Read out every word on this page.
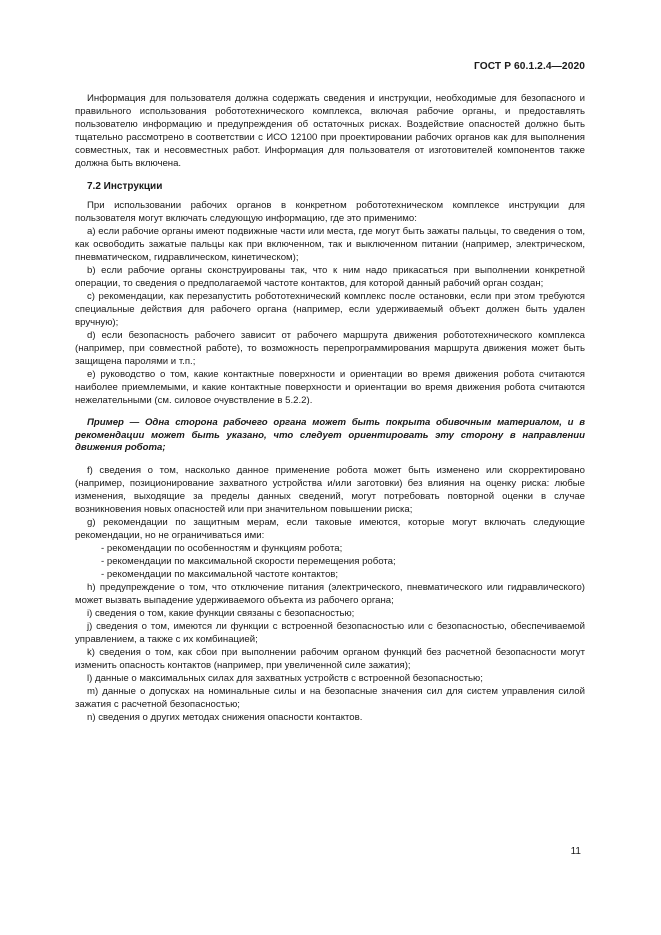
ГОСТ Р 60.1.2.4—2020

Информация для пользователя должна содержать сведения и инструкции, необходимые для безопасного и правильного использования робототехнического комплекса, включая рабочие органы, и предоставлять пользователю информацию и предупреждения об остаточных рисках. Воздействие опасностей должно быть тщательно рассмотрено в соответствии с ИСО 12100 при проектировании рабочих органов как для выполнения совместных, так и несовместных работ. Информация для пользователя от изготовителей компонентов также должна быть включена.

7.2 Инструкции

При использовании рабочих органов в конкретном робототехническом комплексе инструкции для пользователя могут включать следующую информацию, где это применимо:

а) если рабочие органы имеют подвижные части или места, где могут быть зажаты пальцы, то сведения о том, как освободить зажатые пальцы как при включенном, так и выключенном питании (например, электрическом, пневматическом, гидравлическом, кинетическом);

b) если рабочие органы сконструированы так, что к ним надо прикасаться при выполнении конкретной операции, то сведения о предполагаемой частоте контактов, для которой данный рабочий орган создан;

c) рекомендации, как перезапустить робототехнический комплекс после остановки, если при этом требуются специальные действия для рабочего органа (например, если удерживаемый объект должен быть удален вручную);

d) если безопасность рабочего зависит от рабочего маршрута движения робототехнического комплекса (например, при совместной работе), то возможность перепрограммирования маршрута движения может быть защищена паролями и т.п.;

e) руководство о том, какие контактные поверхности и ориентации во время движения робота считаются наиболее приемлемыми, и какие контактные поверхности и ориентации во время движения робота считаются нежелательными (см. силовое очувствление в 5.2.2).

Пример — Одна сторона рабочего органа может быть покрыта обивочным материалом, и в рекомендации может быть указано, что следует ориентировать эту сторону в направлении движения робота;

f) сведения о том, насколько данное применение робота может быть изменено или скорректировано (например, позиционирование захватного устройства и/или заготовки) без влияния на оценку риска: любые изменения, выходящие за пределы данных сведений, могут потребовать повторной оценки в случае возникновения новых опасностей или при значительном повышении риска;

g) рекомендации по защитным мерам, если таковые имеются, которые могут включать следующие рекомендации, но не ограничиваться ими:

- рекомендации по особенностям и функциям робота;

- рекомендации по максимальной скорости перемещения робота;

- рекомендации по максимальной частоте контактов;

h) предупреждение о том, что отключение питания (электрического, пневматического или гидравлического) может вызвать выпадение удерживаемого объекта из рабочего органа;

i) сведения о том, какие функции связаны с безопасностью;

j) сведения о том, имеются ли функции с встроенной безопасностью или с безопасностью, обеспечиваемой управлением, а также с их комбинацией;

k) сведения о том, как сбои при выполнении рабочим органом функций без расчетной безопасности могут изменить опасность контактов (например, при увеличенной силе зажатия);

l) данные о максимальных силах для захватных устройств с встроенной безопасностью;

m) данные о допусках на номинальные силы и на безопасные значения сил для систем управления силой зажатия с расчетной безопасностью;

n) сведения о других методах снижения опасности контактов.

11
